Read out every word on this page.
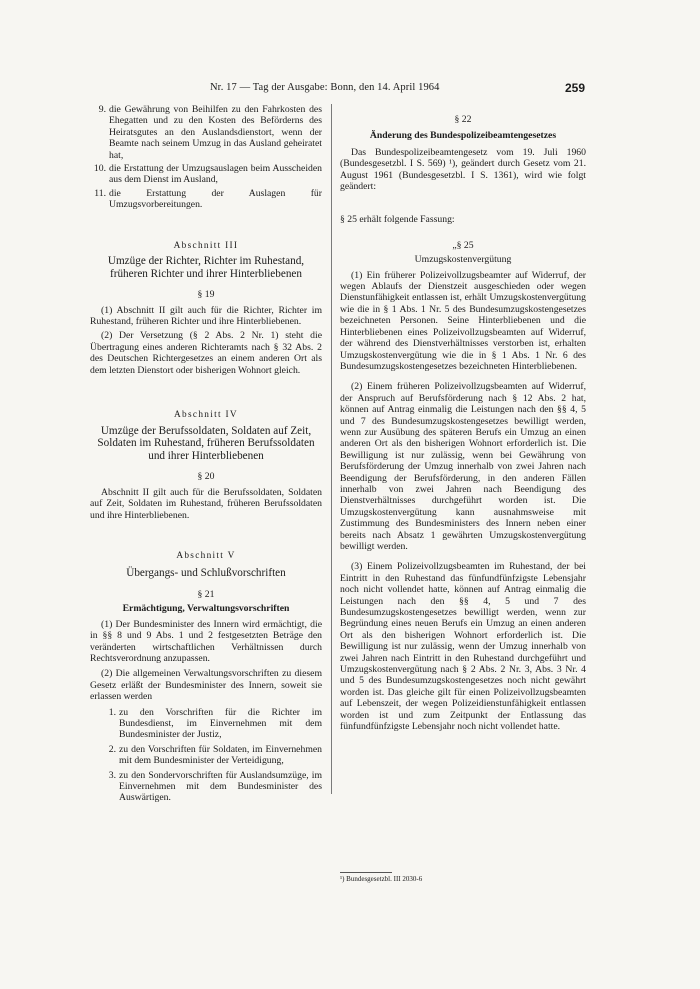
Nr. 17 — Tag der Ausgabe: Bonn, den 14. April 1964	259
9. die Gewährung von Beihilfen zu den Fahrkosten des Ehegatten und zu den Kosten des Beförderns des Heiratsgutes an den Auslandsdienstort, wenn der Beamte nach seinem Umzug in das Ausland geheiratet hat,
10. die Erstattung der Umzugsauslagen beim Ausscheiden aus dem Dienst im Ausland,
11. die Erstattung der Auslagen für Umzugsvorbereitungen.

Abschnitt III

Umzüge der Richter, Richter im Ruhestand, früheren Richter und ihrer Hinterbliebenen

§ 19

(1) Abschnitt II gilt auch für die Richter, Richter im Ruhestand, früheren Richter und ihre Hinterbliebenen.

(2) Der Versetzung (§ 2 Abs. 2 Nr. 1) steht die Übertragung eines anderen Richteramts nach § 32 Abs. 2 des Deutschen Richtergesetzes an einem anderen Ort als dem letzten Dienstort oder bisherigen Wohnort gleich.

Abschnitt IV

Umzüge der Berufssoldaten, Soldaten auf Zeit, Soldaten im Ruhestand, früheren Berufssoldaten und ihrer Hinterbliebenen

§ 20

Abschnitt II gilt auch für die Berufssoldaten, Soldaten auf Zeit, Soldaten im Ruhestand, früheren Berufssoldaten und ihre Hinterbliebenen.

Abschnitt V

Übergangs- und Schlußvorschriften

§ 21

Ermächtigung, Verwaltungsvorschriften

(1) Der Bundesminister des Innern wird ermächtigt, die in §§ 8 und 9 Abs. 1 und 2 festgesetzten Beträge den veränderten wirtschaftlichen Verhältnissen durch Rechtsverordnung anzupassen.

(2) Die allgemeinen Verwaltungsvorschriften zu diesem Gesetz erläßt der Bundesminister des Innern, soweit sie erlassen werden

1. zu den Vorschriften für die Richter im Bundesdienst, im Einvernehmen mit dem Bundesminister der Justiz,
2. zu den Vorschriften für Soldaten, im Einvernehmen mit dem Bundesminister der Verteidigung,
3. zu den Sondervorschriften für Auslandsumzüge, im Einvernehmen mit dem Bundesminister des Auswärtigen.

§ 22

Änderung des Bundespolizeibeamtengesetzes

Das Bundespolizeibeamtengesetz vom 19. Juli 1960 (Bundesgesetzbl. I S. 569) ¹), geändert durch Gesetz vom 21. August 1961 (Bundesgesetzbl. I S. 1361), wird wie folgt geändert:

§ 25 erhält folgende Fassung:

„§ 25

Umzugskostenvergütung

(1) Ein früherer Polizeivollzugsbeamter auf Widerruf, der wegen Ablaufs der Dienstzeit ausgeschieden oder wegen Dienstunfähigkeit entlassen ist, erhält Umzugskostenvergütung wie die in § 1 Abs. 1 Nr. 5 des Bundesumzugskostengesetzes bezeichneten Personen. Seine Hinterbliebenen und die Hinterbliebenen eines Polizeivollzugsbeamten auf Widerruf, der während des Dienstverhältnisses verstorben ist, erhalten Umzugskostenvergütung wie die in § 1 Abs. 1 Nr. 6 des Bundesumzugskostengesetzes bezeichneten Hinterbliebenen.

(2) Einem früheren Polizeivollzugsbeamten auf Widerruf, der Anspruch auf Berufsförderung nach § 12 Abs. 2 hat, können auf Antrag einmalig die Leistungen nach den §§ 4, 5 und 7 des Bundesumzugskostengesetzes bewilligt werden, wenn zur Ausübung des späteren Berufs ein Umzug an einen anderen Ort als den bisherigen Wohnort erforderlich ist. Die Bewilligung ist nur zulässig, wenn bei Gewährung von Berufsförderung der Umzug innerhalb von zwei Jahren nach Beendigung der Berufsförderung, in den anderen Fällen innerhalb von zwei Jahren nach Beendigung des Dienstverhältnisses durchgeführt worden ist. Die Umzugskostenvergütung kann ausnahmsweise mit Zustimmung des Bundesministers des Innern neben einer bereits nach Absatz 1 gewährten Umzugskostenvergütung bewilligt werden.

(3) Einem Polizeivollzugsbeamten im Ruhestand, der bei Eintritt in den Ruhestand das fünfundfünfzigste Lebensjahr noch nicht vollendet hatte, können auf Antrag einmalig die Leistungen nach den §§ 4, 5 und 7 des Bundesumzugskostengesetzes bewilligt werden, wenn zur Begründung eines neuen Berufs ein Umzug an einen anderen Ort als den bisherigen Wohnort erforderlich ist. Die Bewilligung ist nur zulässig, wenn der Umzug innerhalb von zwei Jahren nach Eintritt in den Ruhestand durchgeführt und Umzugskostenvergütung nach § 2 Abs. 2 Nr. 3, Abs. 3 Nr. 4 und 5 des Bundesumzugskostengesetzes noch nicht gewährt worden ist. Das gleiche gilt für einen Polizeivollzugsbeamten auf Lebenszeit, der wegen Polizeidienstunfähigkeit entlassen worden ist und zum Zeitpunkt der Entlassung das fünfundfünfzigste Lebensjahr noch nicht vollendet hatte.

¹) Bundesgesetzbl. III 2030-6
